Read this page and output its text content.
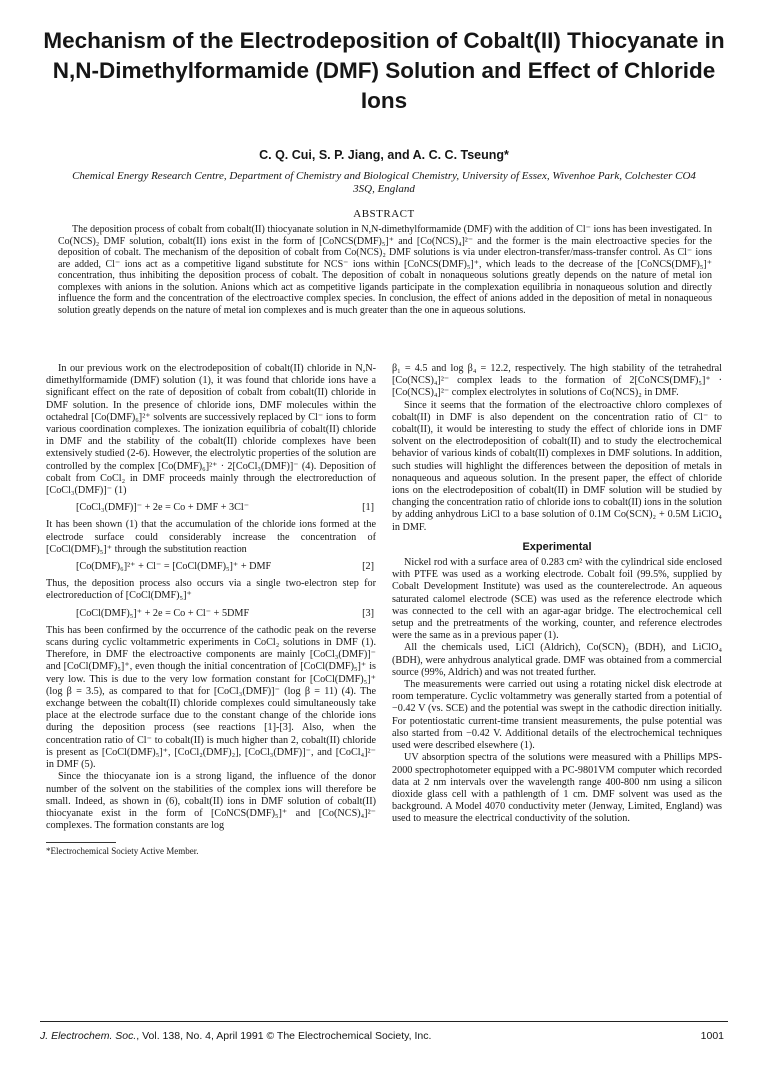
Mechanism of the Electrodeposition of Cobalt(II) Thiocyanate in N,N-Dimethylformamide (DMF) Solution and Effect of Chloride Ions
C. Q. Cui, S. P. Jiang, and A. C. C. Tseung*
Chemical Energy Research Centre, Department of Chemistry and Biological Chemistry, University of Essex, Wivenhoe Park, Colchester CO4 3SQ, England
ABSTRACT

The deposition process of cobalt from cobalt(II) thiocyanate solution in N,N-dimethylformamide (DMF) with the addition of Cl⁻ ions has been investigated. In Co(NCS)₂ DMF solution, cobalt(II) ions exist in the form of [CoNCS(DMF)₅]⁺ and [Co(NCS)₄]²⁻ and the former is the main electroactive species for the deposition of cobalt. The mechanism of the deposition of cobalt from Co(NCS)₂ DMF solutions is via under electron-transfer/mass-transfer control. As Cl⁻ ions are added, Cl⁻ ions act as a competitive ligand substitute for NCS⁻ ions within [CoNCS(DMF)₅]⁺, which leads to the decrease of the [CoNCS(DMF)₅]⁺ concentration, thus inhibiting the deposition process of cobalt. The deposition of cobalt in nonaqueous solutions greatly depends on the nature of metal ion complexes with anions in the solution. Anions which act as competitive ligands participate in the complexation equilibria in nonaqueous solution and directly influence the form and the concentration of the electroactive complex species. In conclusion, the effect of anions added in the deposition of metal in nonaqueous solution greatly depends on the nature of metal ion complexes and is much greater than the one in aqueous solutions.

In our previous work on the electrodeposition of cobalt(II) chloride in N,N-dimethylformamide (DMF) solution (1), it was found that chloride ions have a significant effect on the rate of deposition of cobalt from cobalt(II) chloride in DMF solution. In the presence of chloride ions, DMF molecules within the octahedral [Co(DMF)₆]²⁺ solvents are successively replaced by Cl⁻ ions to form various coordination complexes. The ionization equilibria of cobalt(II) chloride in DMF and the stability of the cobalt(II) chloride complexes have been extensively studied (2-6). However, the electrolytic properties of the solution are controlled by the complex [Co(DMF)₆]²⁺ · 2[CoCl₃(DMF)]⁻ (4). Deposition of cobalt from CoCl₂ in DMF proceeds mainly through the electroreduction of [CoCl₃(DMF)]⁻ (1)

[CoCl₃(DMF)]⁻ + 2e = Co + DMF + 3Cl⁻	[1]

It has been shown (1) that the accumulation of the chloride ions formed at the electrode surface could considerably increase the concentration of [CoCl(DMF)₅]⁺ through the substitution reaction

[Co(DMF)₆]²⁺ + Cl⁻ = [CoCl(DMF)₅]⁺ + DMF	[2]

Thus, the deposition process also occurs via a single two-electron step for electroreduction of [CoCl(DMF)₅]⁺

[CoCl(DMF)₅]⁺ + 2e = Co + Cl⁻ + 5DMF	[3]

This has been confirmed by the occurrence of the cathodic peak on the reverse scans during cyclic voltammetric experiments in CoCl₂ solutions in DMF (1). Therefore, in DMF the electroactive components are mainly [CoCl₃(DMF)]⁻ and [CoCl(DMF)₅]⁺, even though the initial concentration of [CoCl(DMF)₅]⁺ is very low. This is due to the very low formation constant for [CoCl(DMF)₅]⁺ (log β = 3.5), as compared to that for [CoCl₃(DMF)]⁻ (log β = 11) (4). The exchange between the cobalt(II) chloride complexes could simultaneously take place at the electrode surface due to the constant change of the chloride ions during the deposition process (see reactions [1]-[3]. Also, when the concentration ratio of Cl⁻ to cobalt(II) is much higher than 2, cobalt(II) chloride is present as [CoCl(DMF)₅]⁺, [CoCl₂(DMF)₂], [CoCl₃(DMF)]⁻, and [CoCl₄]²⁻ in DMF (5).

Since the thiocyanate ion is a strong ligand, the influence of the donor number of the solvent on the stabilities of the complex ions will therefore be small. Indeed, as shown in (6), cobalt(II) ions in DMF solution of cobalt(II) thiocyanate exist in the form of [CoNCS(DMF)₅]⁺ and [Co(NCS)₄]²⁻ complexes. The formation constants are log

*Electrochemical Society Active Member.

β₁ = 4.5 and log β₄ = 12.2, respectively. The high stability of the tetrahedral [Co(NCS)₄]²⁻ complex leads to the formation of 2[CoNCS(DMF)₅]⁺ · [Co(NCS)₄]²⁻ complex electrolytes in solutions of Co(NCS)₂ in DMF.

Since it seems that the formation of the electroactive chloro complexes of cobalt(II) in DMF is also dependent on the concentration ratio of Cl⁻ to cobalt(II), it would be interesting to study the effect of chloride ions in DMF solvent on the electrodeposition of cobalt(II) and to study the electrochemical behavior of various kinds of cobalt(II) complexes in DMF solutions. In addition, such studies will highlight the differences between the deposition of metals in nonaqueous and aqueous solution. In the present paper, the effect of chloride ions on the electrodeposition of cobalt(II) in DMF solution will be studied by changing the concentration ratio of chloride ions to cobalt(II) ions in the solution by adding anhydrous LiCl to a base solution of 0.1M Co(SCN)₂ + 0.5M LiClO₄ in DMF.

Experimental

Nickel rod with a surface area of 0.283 cm² with the cylindrical side enclosed with PTFE was used as a working electrode. Cobalt foil (99.5%, supplied by Cobalt Development Institute) was used as the counterelectrode. An aqueous saturated calomel electrode (SCE) was used as the reference electrode which was connected to the cell with an agar-agar bridge. The electrochemical cell setup and the pretreatments of the working, counter, and reference electrodes were the same as in a previous paper (1).

All the chemicals used, LiCl (Aldrich), Co(SCN)₂ (BDH), and LiClO₄ (BDH), were anhydrous analytical grade. DMF was obtained from a commercial source (99%, Aldrich) and was not treated further.

The measurements were carried out using a rotating nickel disk electrode at room temperature. Cyclic voltammetry was generally started from a potential of −0.42 V (vs. SCE) and the potential was swept in the cathodic direction initially. For potentiostatic current-time transient measurements, the pulse potential was also started from −0.42 V. Additional details of the electrochemical techniques used were described elsewhere (1).

UV absorption spectra of the solutions were measured with a Phillips MPS-2000 spectrophotometer equipped with a PC-9801VM computer which recorded data at 2 nm intervals over the wavelength range 400-800 nm using a silicon dioxide glass cell with a pathlength of 1 cm. DMF solvent was used as the background. A Model 4070 conductivity meter (Jenway, Limited, England) was used to measure the electrical conductivity of the solution.

J. Electrochem. Soc., Vol. 138, No. 4, April 1991 © The Electrochemical Society, Inc.	1001
